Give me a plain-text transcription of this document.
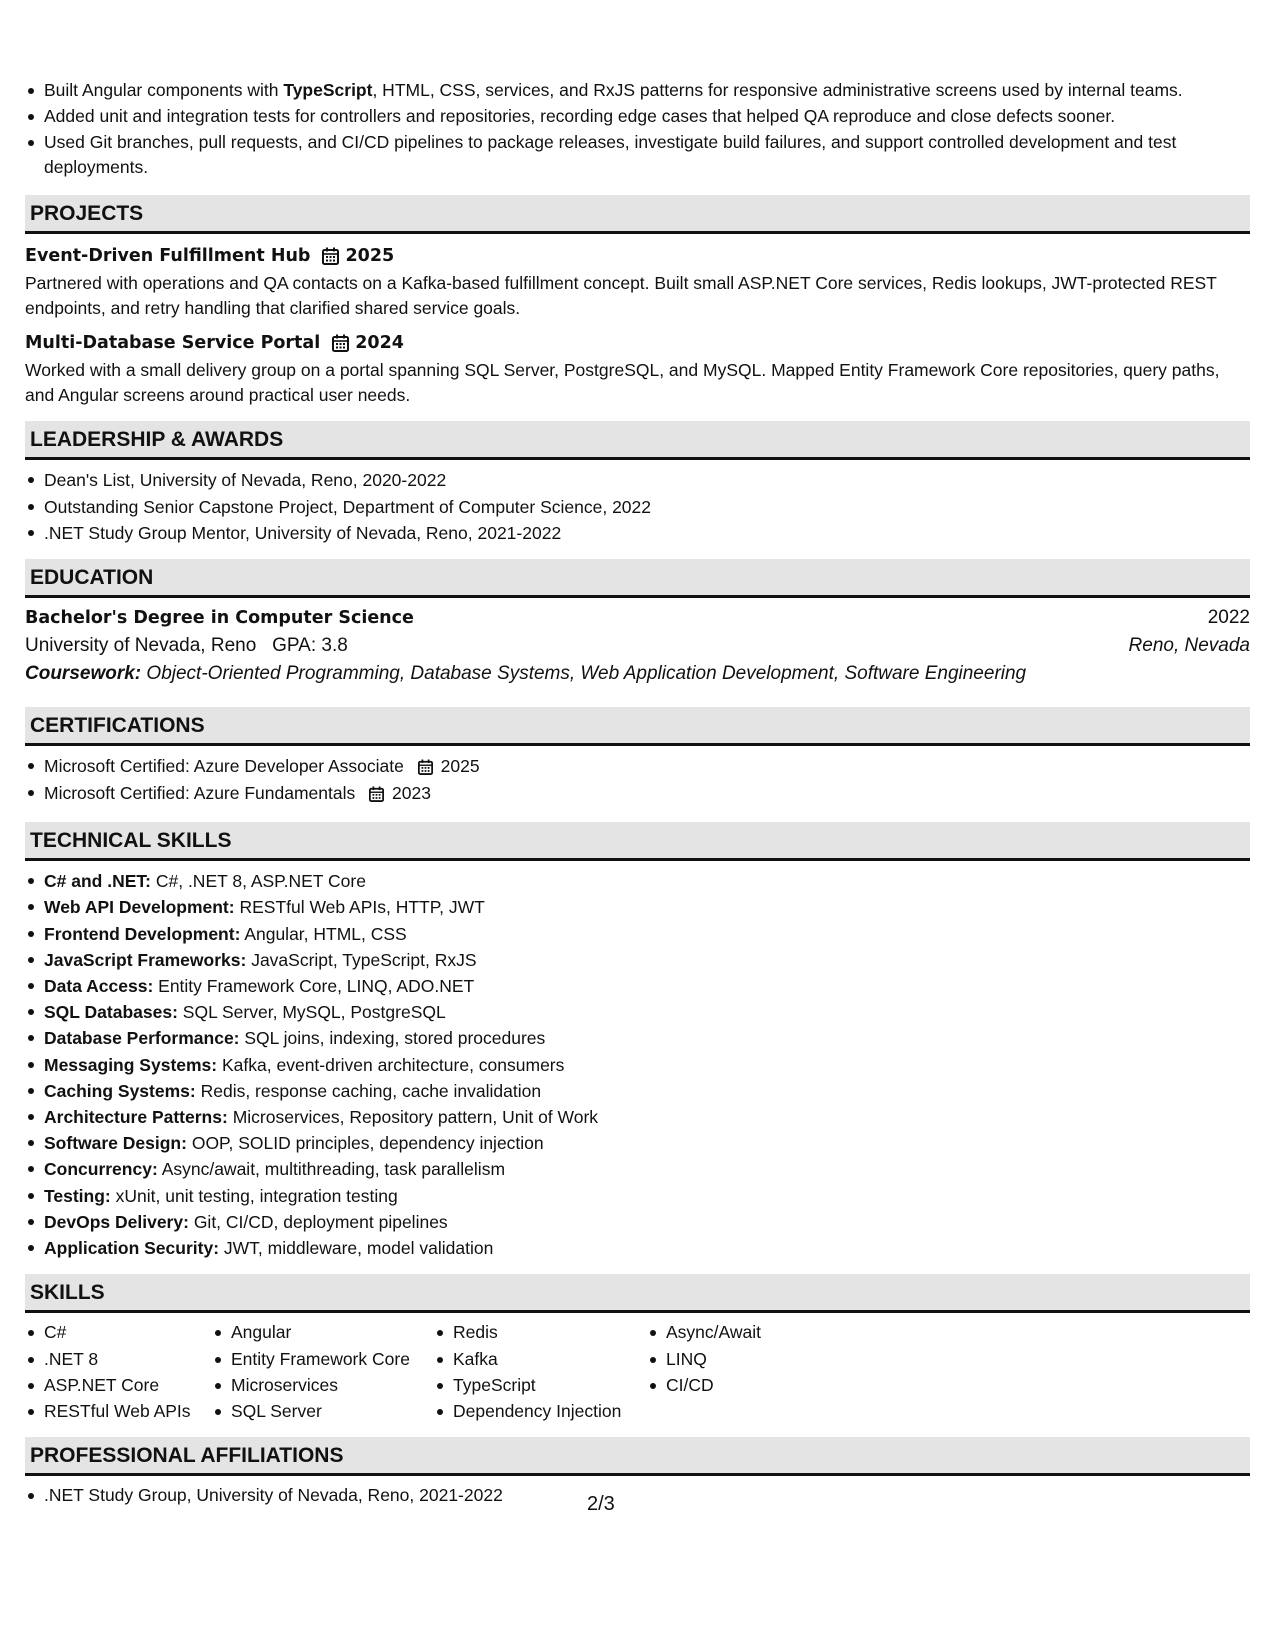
Built Angular components with TypeScript, HTML, CSS, services, and RxJS patterns for responsive administrative screens used by internal teams.
Added unit and integration tests for controllers and repositories, recording edge cases that helped QA reproduce and close defects sooner.
Used Git branches, pull requests, and CI/CD pipelines to package releases, investigate build failures, and support controlled development and test deployments.
PROJECTS
Event-Driven Fulfillment Hub 2025
Partnered with operations and QA contacts on a Kafka-based fulfillment concept. Built small ASP.NET Core services, Redis lookups, JWT-protected REST endpoints, and retry handling that clarified shared service goals.
Multi-Database Service Portal 2024
Worked with a small delivery group on a portal spanning SQL Server, PostgreSQL, and MySQL. Mapped Entity Framework Core repositories, query paths, and Angular screens around practical user needs.
LEADERSHIP & AWARDS
Dean's List, University of Nevada, Reno, 2020-2022
Outstanding Senior Capstone Project, Department of Computer Science, 2022
.NET Study Group Mentor, University of Nevada, Reno, 2021-2022
EDUCATION
Bachelor's Degree in Computer Science	2022
University of Nevada, Reno GPA: 3.8	Reno, Nevada
Coursework: Object-Oriented Programming, Database Systems, Web Application Development, Software Engineering
CERTIFICATIONS
Microsoft Certified: Azure Developer Associate 2025
Microsoft Certified: Azure Fundamentals 2023
TECHNICAL SKILLS
C# and .NET: C#, .NET 8, ASP.NET Core
Web API Development: RESTful Web APIs, HTTP, JWT
Frontend Development: Angular, HTML, CSS
JavaScript Frameworks: JavaScript, TypeScript, RxJS
Data Access: Entity Framework Core, LINQ, ADO.NET
SQL Databases: SQL Server, MySQL, PostgreSQL
Database Performance: SQL joins, indexing, stored procedures
Messaging Systems: Kafka, event-driven architecture, consumers
Caching Systems: Redis, response caching, cache invalidation
Architecture Patterns: Microservices, Repository pattern, Unit of Work
Software Design: OOP, SOLID principles, dependency injection
Concurrency: Async/await, multithreading, task parallelism
Testing: xUnit, unit testing, integration testing
DevOps Delivery: Git, CI/CD, deployment pipelines
Application Security: JWT, middleware, model validation
SKILLS
C#
.NET 8
ASP.NET Core
RESTful Web APIs
Angular
Entity Framework Core
Microservices
SQL Server
Redis
Kafka
TypeScript
Dependency Injection
Async/Await
LINQ
CI/CD
PROFESSIONAL AFFILIATIONS
.NET Study Group, University of Nevada, Reno, 2021-2022	2/3
